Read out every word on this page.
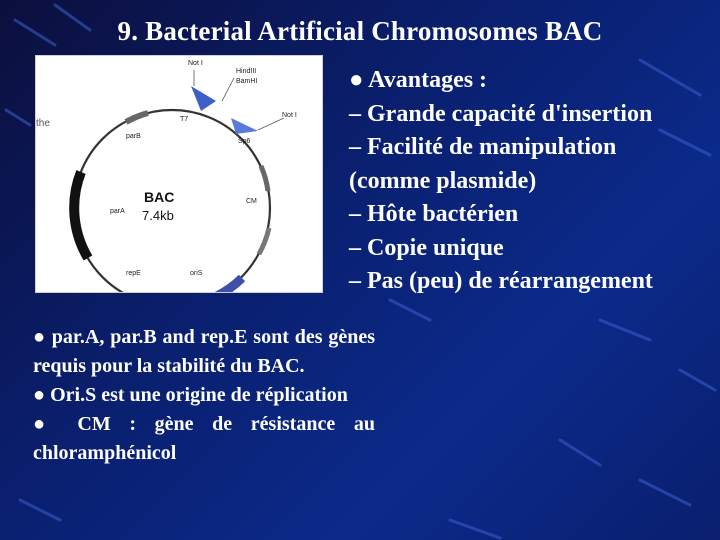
9. Bacterial Artificial Chromosomes BAC
the
Not I
HindIII
BamHI
T7
Not I
parB
Sp6
BAC
7.4kb
CM
parA
repE	oriS
● Avantages :
– Grande capacité d'insertion
– Facilité de manipulation
(comme plasmide)
– Hôte bactérien
– Copie unique
– Pas (peu) de réarrangement

● par.A, par.B and rep.E sont des gènes requis pour la stabilité du BAC.

● Ori.S est une origine de réplication

● CM : gène de résistance au chloramphénicol
